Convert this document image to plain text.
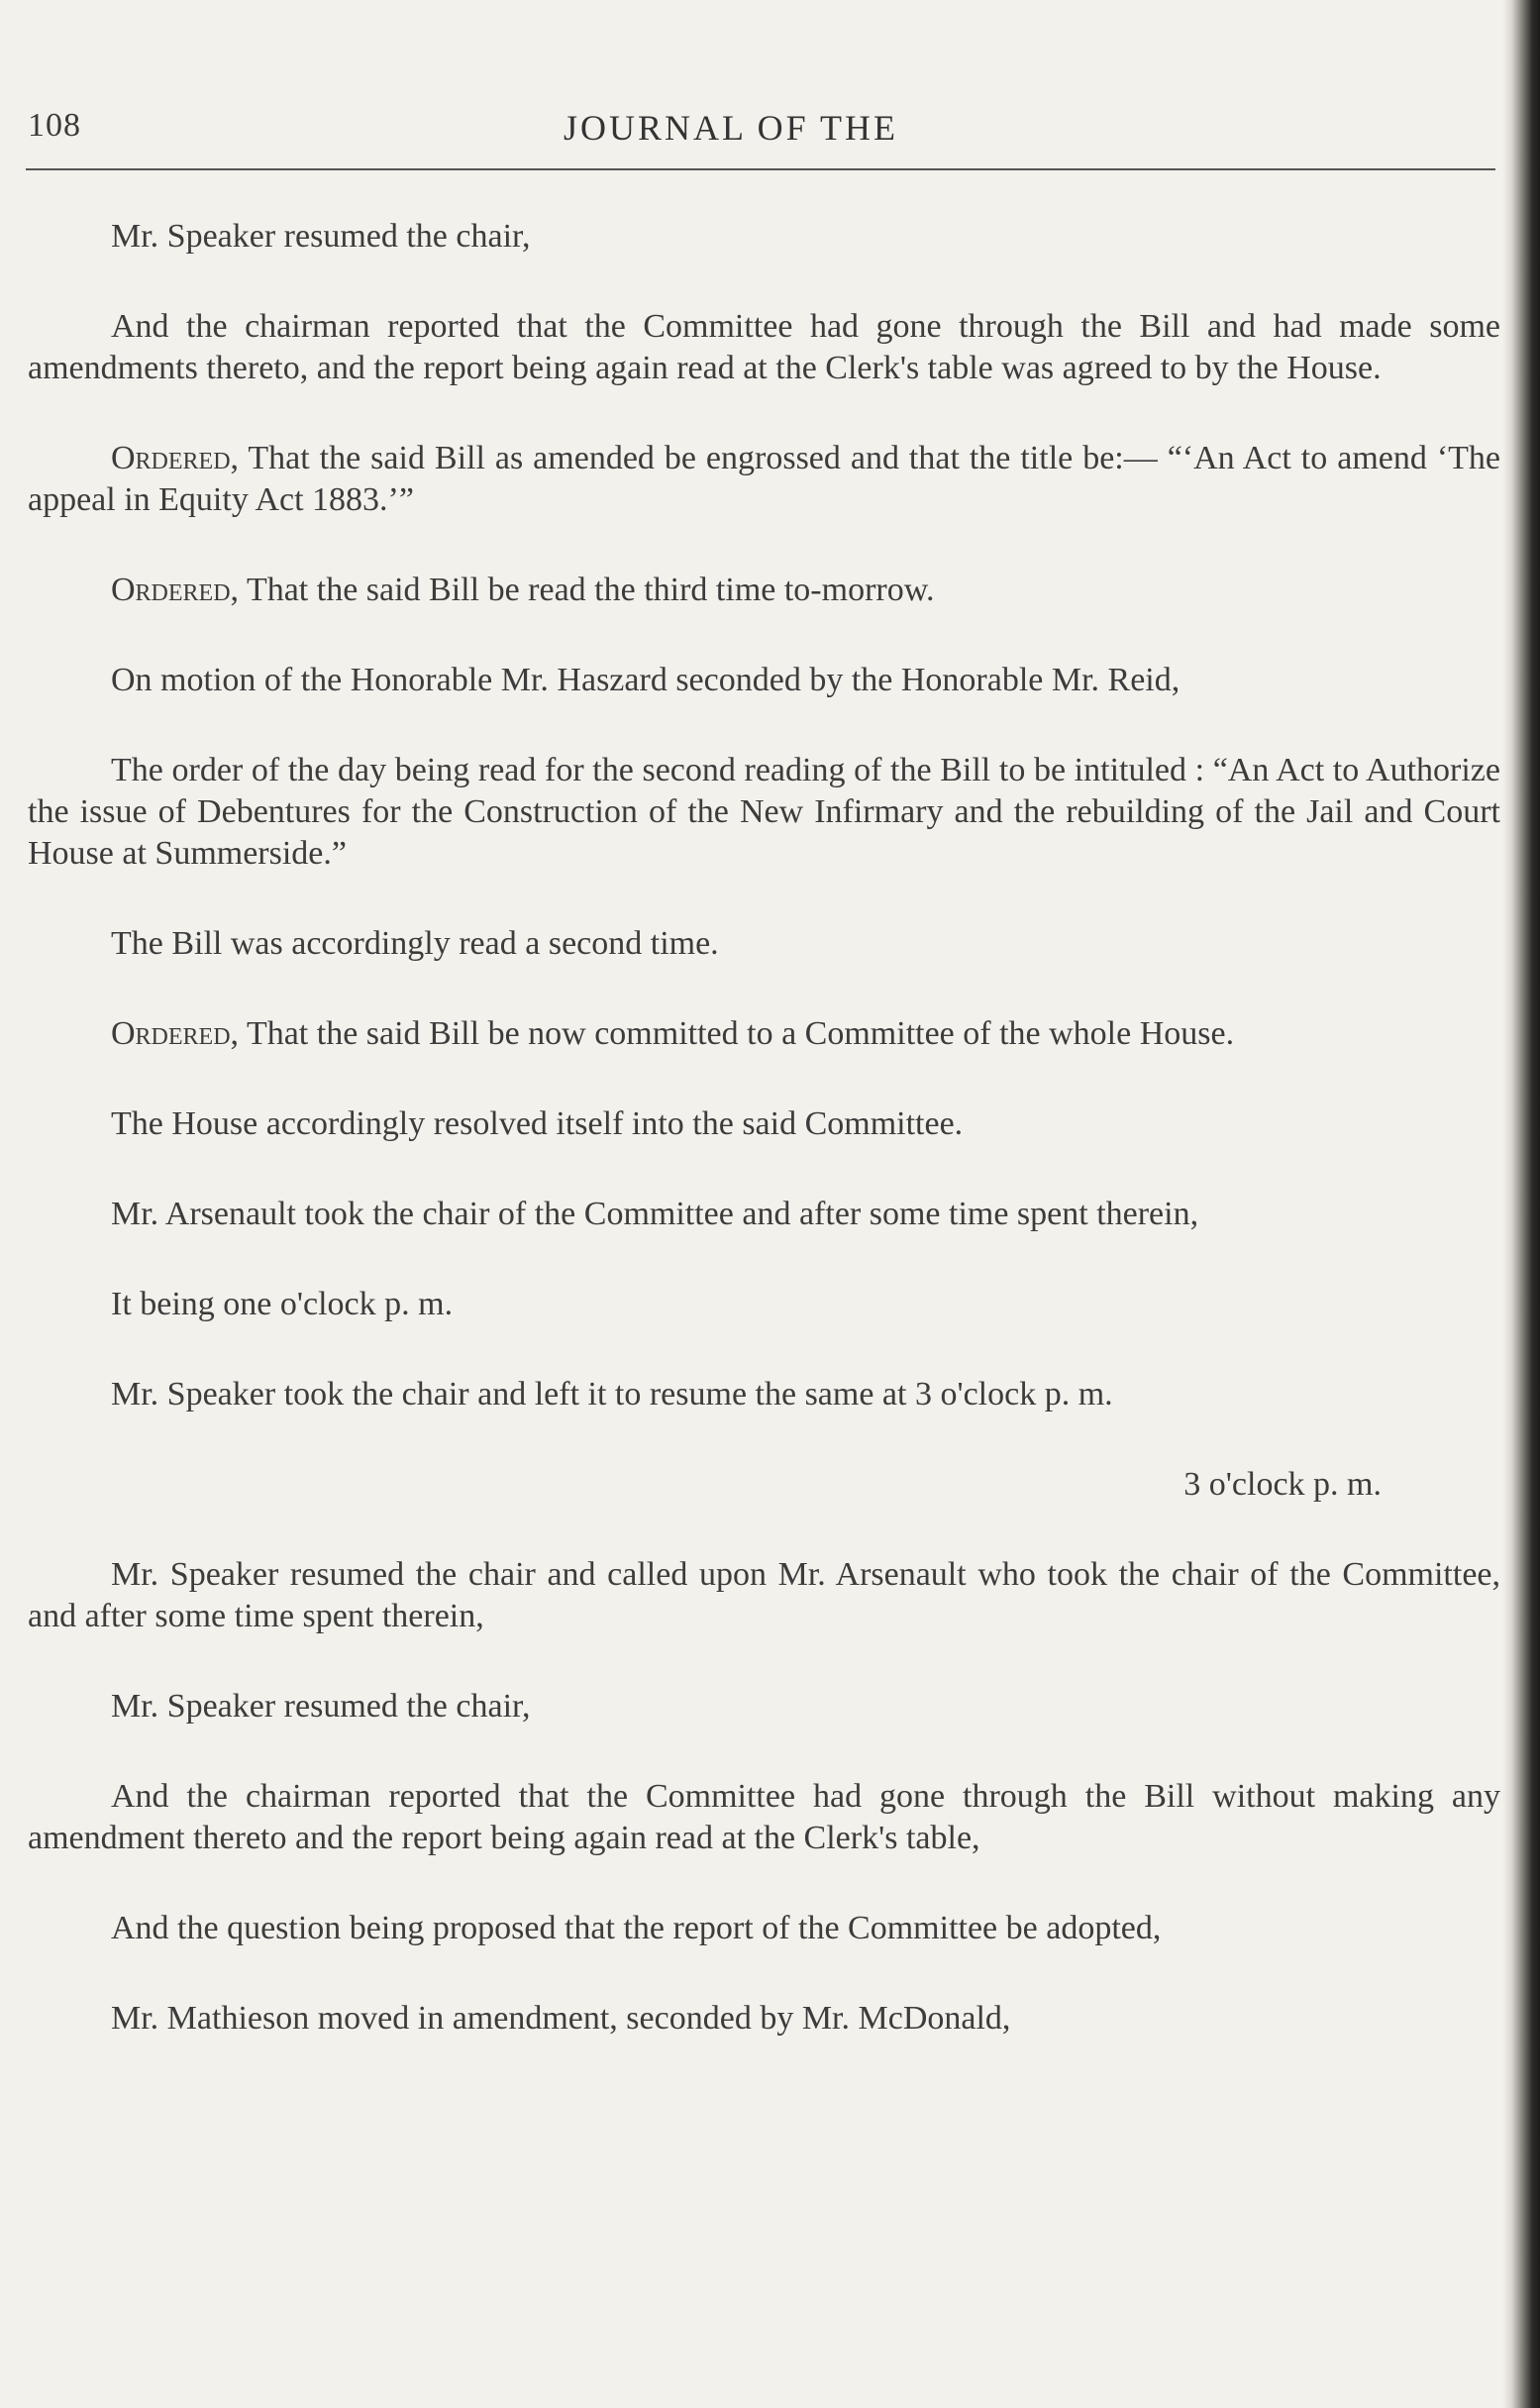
108	JOURNAL OF THE

Mr. Speaker resumed the chair,

And the chairman reported that the Committee had gone through the Bill and had made some amendments thereto, and the report being again read at the Clerk's table was agreed to by the House.

Ordered, That the said Bill as amended be engrossed and that the title be:— “‘An Act to amend ‘The appeal in Equity Act 1883.’”

Ordered, That the said Bill be read the third time to-morrow.

On motion of the Honorable Mr. Haszard seconded by the Honorable Mr. Reid,

The order of the day being read for the second reading of the Bill to be intituled : “An Act to Authorize the issue of Debentures for the Construction of the New Infirmary and the rebuilding of the Jail and Court House at Summerside.”

The Bill was accordingly read a second time.

Ordered, That the said Bill be now committed to a Committee of the whole House.

The House accordingly resolved itself into the said Committee.

Mr. Arsenault took the chair of the Committee and after some time spent therein,

It being one o'clock p. m.

Mr. Speaker took the chair and left it to resume the same at 3 o'clock p. m.

3 o'clock p. m.

Mr. Speaker resumed the chair and called upon Mr. Arsenault who took the chair of the Committee, and after some time spent therein,

Mr. Speaker resumed the chair,

And the chairman reported that the Committee had gone through the Bill without making any amendment thereto and the report being again read at the Clerk's table,

And the question being proposed that the report of the Committee be adopted,

Mr. Mathieson moved in amendment, seconded by Mr. McDonald,
